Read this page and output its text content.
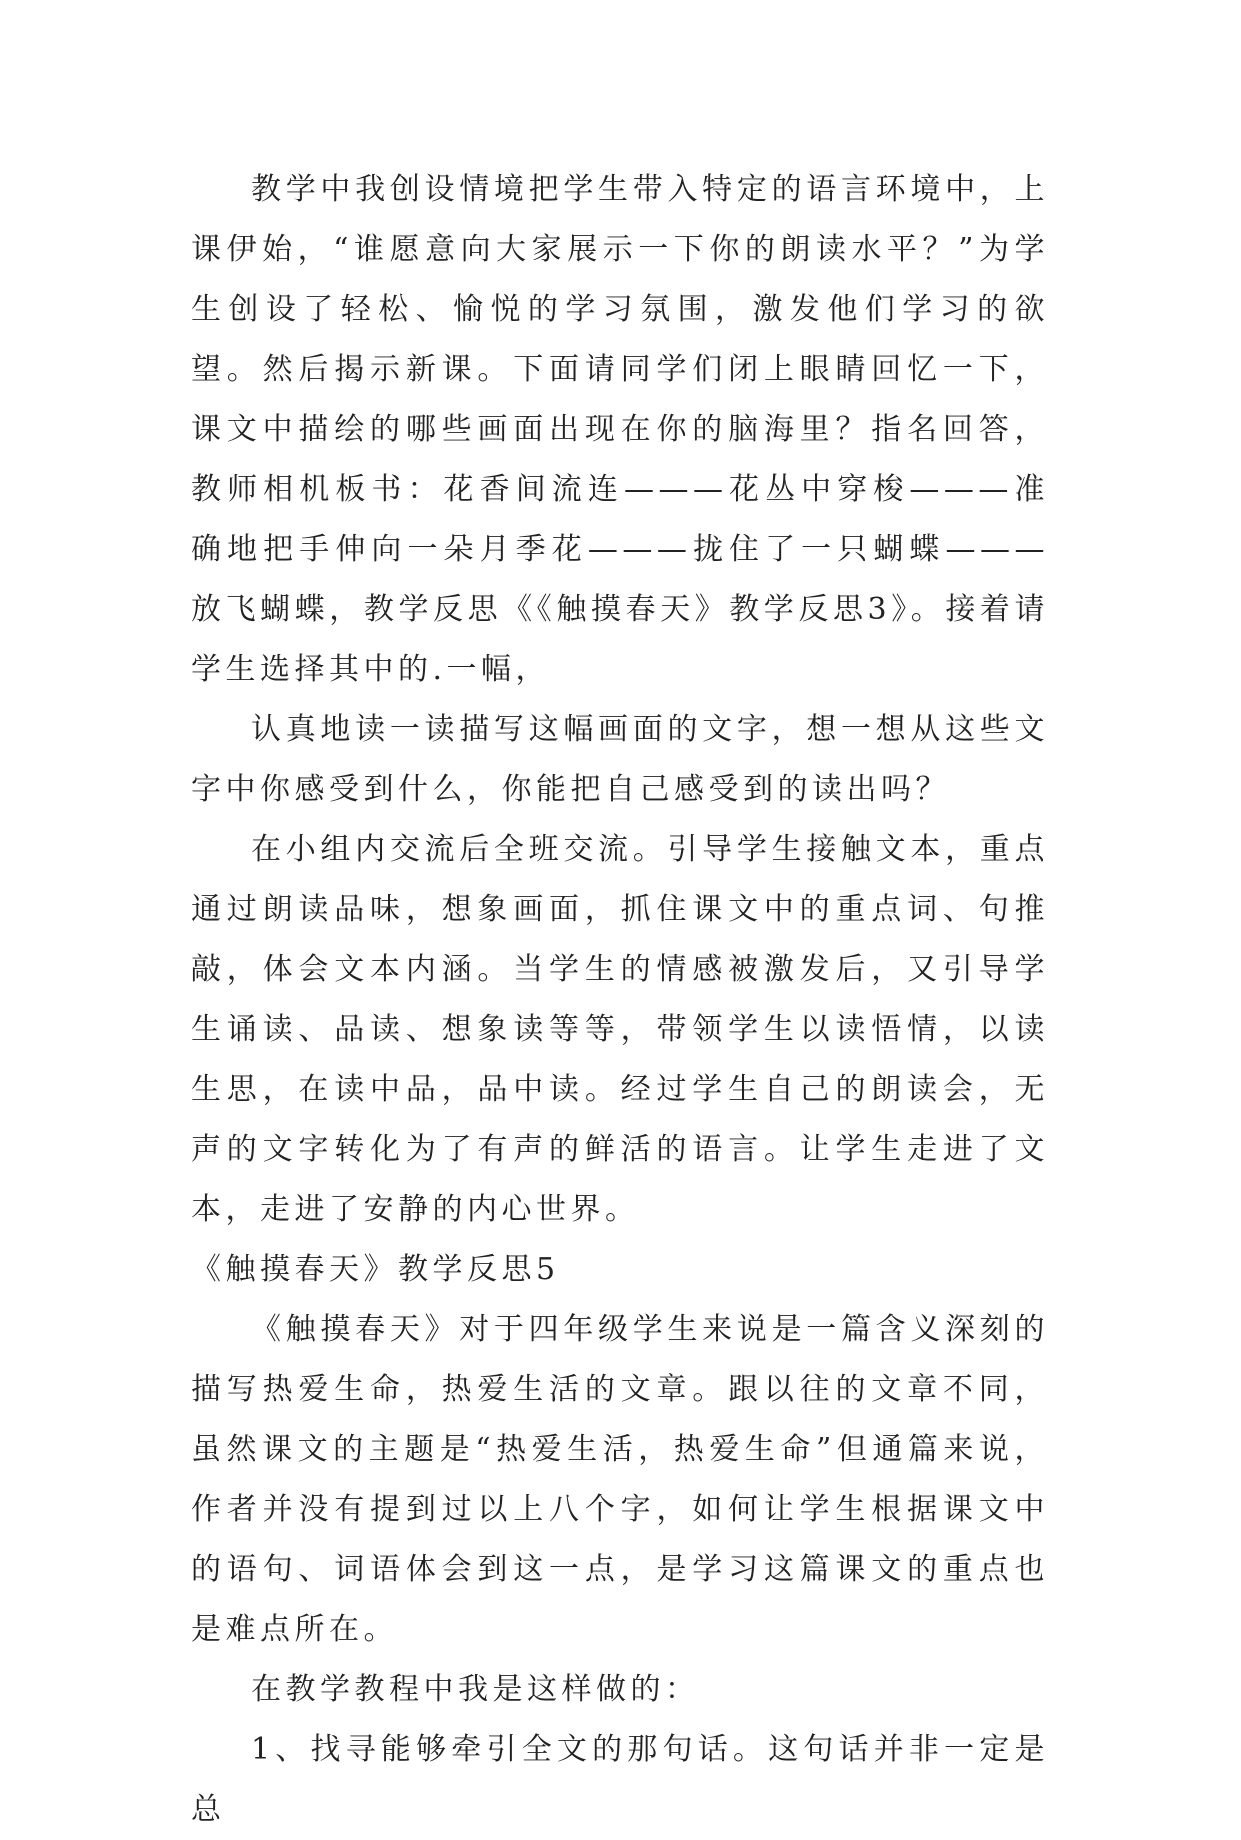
教学中我创设情境把学生带入特定的语言环境中，上课伊始，“谁愿意向大家展示一下你的朗读水平？”为学生创设了轻松、愉悦的学习氛围，激发他们学习的欲望。然后揭示新课。下面请同学们闭上眼睛回忆一下，课文中描绘的哪些画面出现在你的脑海里？指名回答，教师相机板书：花香间流连———花丛中穿梭———准确地把手伸向一朵月季花———拢住了一只蝴蝶———放飞蝴蝶，教学反思《《触摸春天》教学反思3》。接着请学生选择其中的.一幅，

认真地读一读描写这幅画面的文字，想一想从这些文字中你感受到什么，你能把自己感受到的读出吗？

在小组内交流后全班交流。引导学生接触文本，重点通过朗读品味，想象画面，抓住课文中的重点词、句推敲，体会文本内涵。当学生的情感被激发后，又引导学生诵读、品读、想象读等等，带领学生以读悟情，以读生思，在读中品，品中读。经过学生自己的朗读会，无声的文字转化为了有声的鲜活的语言。让学生走进了文本，走进了安静的内心世界。

《触摸春天》教学反思5

《触摸春天》对于四年级学生来说是一篇含义深刻的描写热爱生命，热爱生活的文章。跟以往的文章不同，虽然课文的主题是“热爱生活，热爱生命”但通篇来说，作者并没有提到过以上八个字，如何让学生根据课文中的语句、词语体会到这一点，是学习这篇课文的重点也是难点所在。

在教学教程中我是这样做的：

1、找寻能够牵引全文的那句话。这句话并非一定是总
